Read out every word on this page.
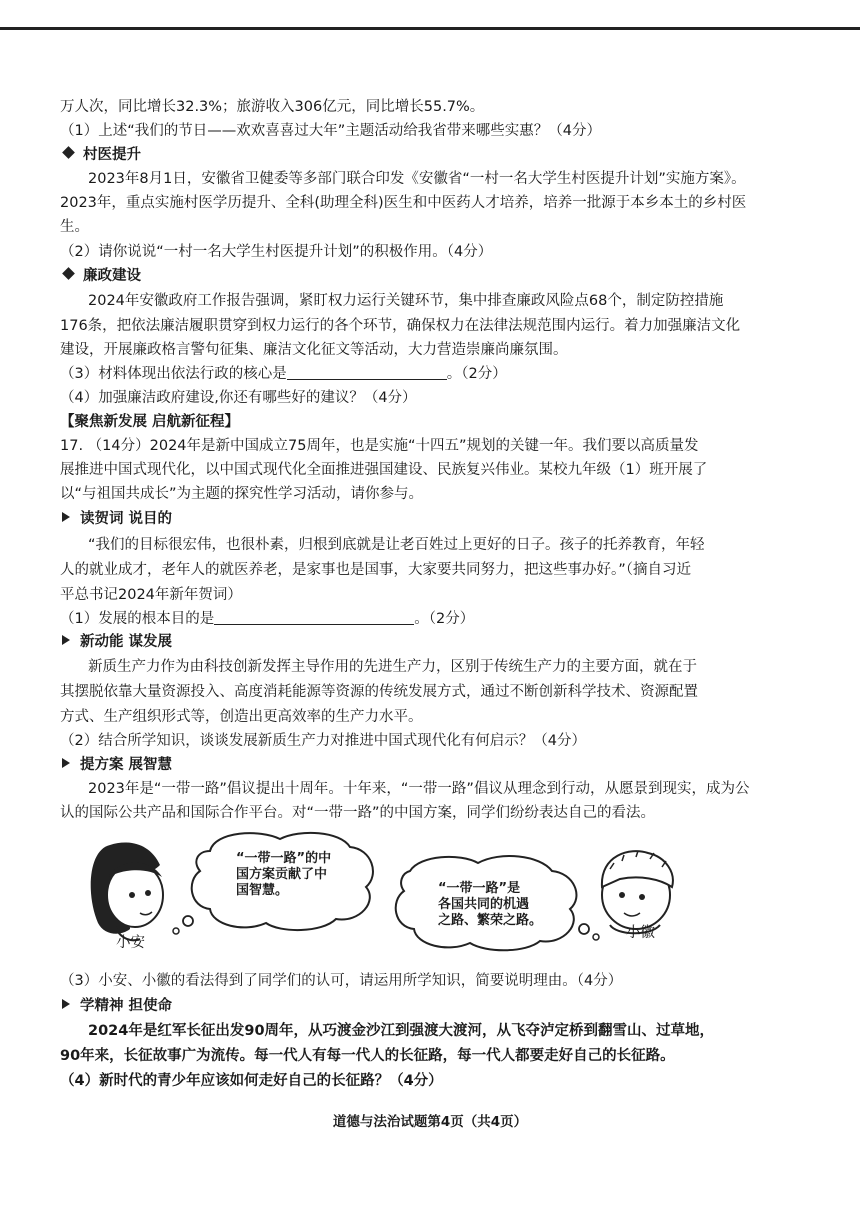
万人次，同比增长32.3%；旅游收入306亿元，同比增长55.7%。
（1）上述“我们的节日——欢欢喜喜过大年”主题活动给我省带来哪些实惠？（4分）
村医提升
2023年8月1日，安徽省卫健委等多部门联合印发《安徽省“一村一名大学生村医提升计划”实施方案》。
2023年，重点实施村医学历提升、全科(助理全科)医生和中医药人才培养，培养一批源于本乡本土的乡村医
生。
（2）请你说说“一村一名大学生村医提升计划”的积极作用。（4分）
廉政建设
2024年安徽政府工作报告强调，紧盯权力运行关键环节，集中排查廉政风险点68个，制定防控措施
176条，把依法廉洁履职贯穿到权力运行的各个环节，确保权力在法律法规范围内运行。着力加强廉洁文化
建设，开展廉政格言警句征集、廉洁文化征文等活动，大力营造崇廉尚廉氛围。
（3）材料体现出依法行政的核心是	。（2分）
（4）加强廉洁政府建设,你还有哪些好的建议？（4分）
【聚焦新发展 启航新征程】
17. （14分）2024年是新中国成立75周年，也是实施“十四五”规划的关键一年。我们要以高质量发
展推进中国式现代化，以中国式现代化全面推进强国建设、民族复兴伟业。某校九年级（1）班开展了
以“与祖国共成长”为主题的探究性学习活动，请你参与。
读贺词 说目的
“我们的目标很宏伟，也很朴素，归根到底就是让老百姓过上更好的日子。孩子的托养教育，年轻
人的就业成才，老年人的就医养老，是家事也是国事，大家要共同努力，把这些事办好。”（摘自习近
平总书记2024年新年贺词）
（1）发展的根本目的是	。（2分）
新动能 谋发展
新质生产力作为由科技创新发挥主导作用的先进生产力，区别于传统生产力的主要方面，就在于
其摆脱依靠大量资源投入、高度消耗能源等资源的传统发展方式，通过不断创新科学技术、资源配置
方式、生产组织形式等，创造出更高效率的生产力水平。
（2）结合所学知识，谈谈发展新质生产力对推进中国式现代化有何启示？（4分）
提方案 展智慧
2023年是“一带一路”倡议提出十周年。十年来，“一带一路”倡议从理念到行动，从愿景到现实，成为公
认的国际公共产品和国际合作平台。对“一带一路”的中国方案，同学们纷纷表达自己的看法。
“一带一路”的中
国方案贡献了中
国智慧。	“一带一路”是
各国共同的机遇
之路、繁荣之路。
小安
小徽
（3）小安、小徽的看法得到了同学们的认可，请运用所学知识，简要说明理由。（4分）
学精神 担使命
2024年是红军长征出发90周年，从巧渡金沙江到强渡大渡河，从飞夺泸定桥到翻雪山、过草地，
90年来，长征故事广为流传。每一代人有每一代人的长征路，每一代人都要走好自己的长征路。
（4）新时代的青少年应该如何走好自己的长征路？（4分）
道德与法治试题第4页（共4页）
